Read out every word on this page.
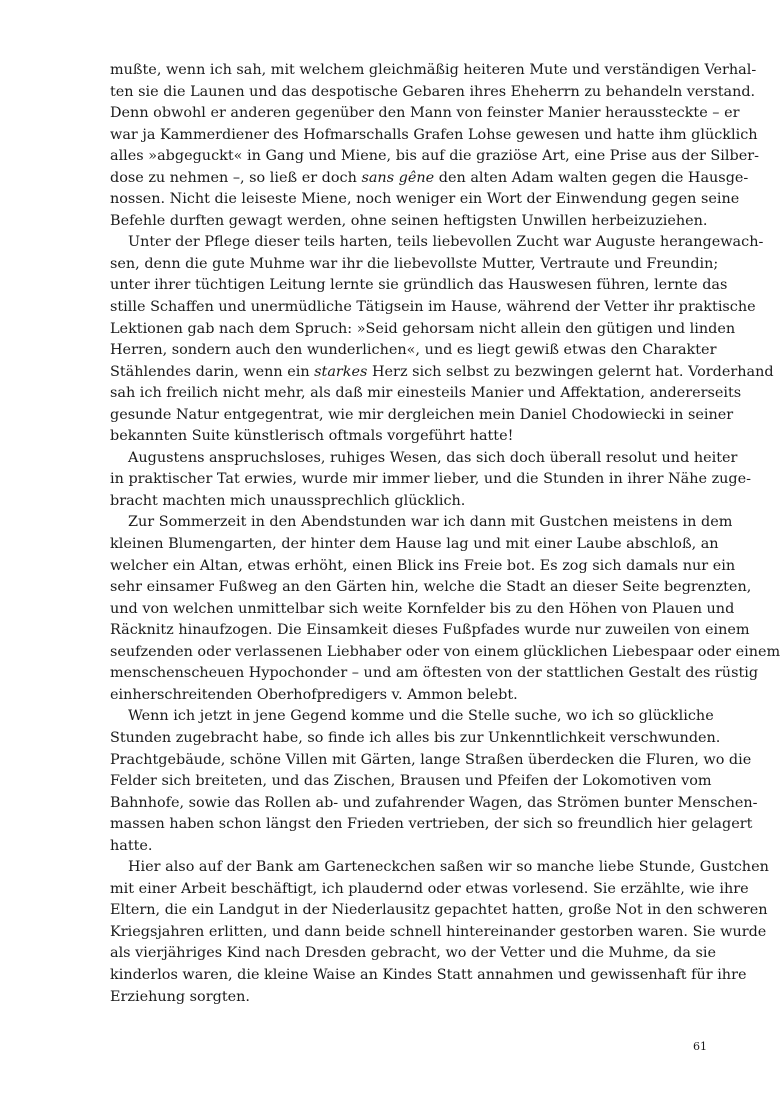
mußte, wenn ich sah, mit welchem gleichmäßig heiteren Mute und verständigen Verhal-
ten sie die Launen und das despotische Gebaren ihres Eheherrn zu behandeln verstand.
Denn obwohl er anderen gegenüber den Mann von feinster Manier heraussteckte – er
war ja Kammerdiener des Hofmarschalls Grafen Lohse gewesen und hatte ihm glücklich
alles »abgeguckt« in Gang und Miene, bis auf die graziöse Art, eine Prise aus der Silber-
dose zu nehmen –, so ließ er doch sans gêne den alten Adam walten gegen die Hausge-
nossen. Nicht die leiseste Miene, noch weniger ein Wort der Einwendung gegen seine
Befehle durften gewagt werden, ohne seinen heftigsten Unwillen herbeizuziehen.
Unter der Pflege dieser teils harten, teils liebevollen Zucht war Auguste herangewach-
sen, denn die gute Muhme war ihr die liebevollste Mutter, Vertraute und Freundin;
unter ihrer tüchtigen Leitung lernte sie gründlich das Hauswesen führen, lernte das
stille Schaffen und unermüdliche Tätigsein im Hause, während der Vetter ihr praktische
Lektionen gab nach dem Spruch: »Seid gehorsam nicht allein den gütigen und linden
Herren, sondern auch den wunderlichen«, und es liegt gewiß etwas den Charakter
Stählendes darin, wenn ein starkes Herz sich selbst zu bezwingen gelernt hat. Vorderhand
sah ich freilich nicht mehr, als daß mir einesteils Manier und Affektation, andererseits
gesunde Natur entgegentrat, wie mir dergleichen mein Daniel Chodowiecki in seiner
bekannten Suite künstlerisch oftmals vorgeführt hatte!
Augustens anspruchsloses, ruhiges Wesen, das sich doch überall resolut und heiter
in praktischer Tat erwies, wurde mir immer lieber, und die Stunden in ihrer Nähe zuge-
bracht machten mich unaussprechlich glücklich.
Zur Sommerzeit in den Abendstunden war ich dann mit Gustchen meistens in dem
kleinen Blumengarten, der hinter dem Hause lag und mit einer Laube abschloß, an
welcher ein Altan, etwas erhöht, einen Blick ins Freie bot. Es zog sich damals nur ein
sehr einsamer Fußweg an den Gärten hin, welche die Stadt an dieser Seite begrenzten,
und von welchen unmittelbar sich weite Kornfelder bis zu den Höhen von Plauen und
Räcknitz hinaufzogen. Die Einsamkeit dieses Fußpfades wurde nur zuweilen von einem
seufzenden oder verlassenen Liebhaber oder von einem glücklichen Liebespaar oder einem
menschenscheuen Hypochonder – und am öftesten von der stattlichen Gestalt des rüstig
einherschreitenden Oberhofpredigers v. Ammon belebt.
Wenn ich jetzt in jene Gegend komme und die Stelle suche, wo ich so glückliche
Stunden zugebracht habe, so finde ich alles bis zur Unkenntlichkeit verschwunden.
Prachtgebäude, schöne Villen mit Gärten, lange Straßen überdecken die Fluren, wo die
Felder sich breiteten, und das Zischen, Brausen und Pfeifen der Lokomotiven vom
Bahnhofe, sowie das Rollen ab- und zufahrender Wagen, das Strömen bunter Menschen-
massen haben schon längst den Frieden vertrieben, der sich so freundlich hier gelagert
hatte.
Hier also auf der Bank am Garteneckchen saßen wir so manche liebe Stunde, Gustchen
mit einer Arbeit beschäftigt, ich plaudernd oder etwas vorlesend. Sie erzählte, wie ihre
Eltern, die ein Landgut in der Niederlausitz gepachtet hatten, große Not in den schweren
Kriegsjahren erlitten, und dann beide schnell hintereinander gestorben waren. Sie wurde
als vierjähriges Kind nach Dresden gebracht, wo der Vetter und die Muhme, da sie
kinderlos waren, die kleine Waise an Kindes Statt annahmen und gewissenhaft für ihre
Erziehung sorgten.
61
